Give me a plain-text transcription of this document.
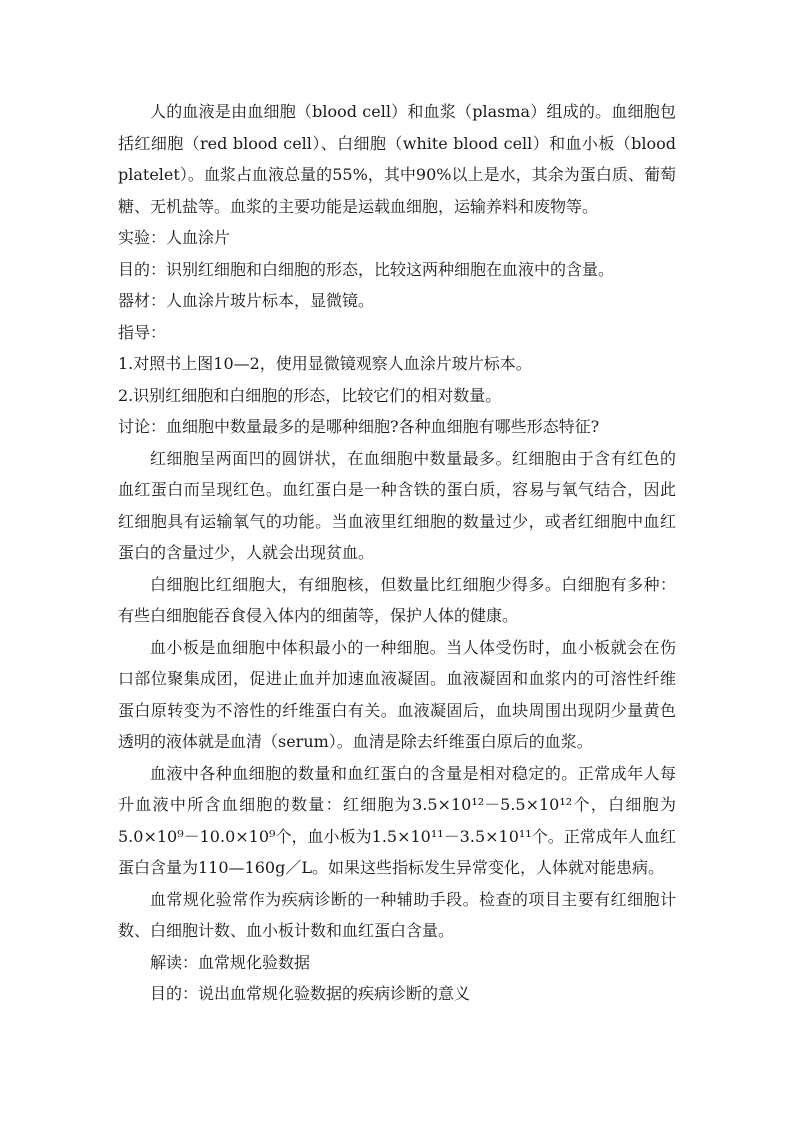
人的血液是由血细胞（blood cell）和血浆（plasma）组成的。血细胞包括红细胞（red blood cell）、白细胞（white blood cell）和血小板（blood platelet）。血浆占血液总量的55%，其中90%以上是水，其余为蛋白质、葡萄糖、无机盐等。血浆的主要功能是运载血细胞，运输养料和废物等。

实验：人血涂片

目的：识别红细胞和白细胞的形态，比较这两种细胞在血液中的含量。

器材：人血涂片玻片标本，显微镜。

指导：

1.对照书上图10—2，使用显微镜观察人血涂片玻片标本。

2.识别红细胞和白细胞的形态，比较它们的相对数量。

讨论：血细胞中数量最多的是哪种细胞?各种血细胞有哪些形态特征?

红细胞呈两面凹的圆饼状，在血细胞中数量最多。红细胞由于含有红色的血红蛋白而呈现红色。血红蛋白是一种含铁的蛋白质，容易与氧气结合，因此红细胞具有运输氧气的功能。当血液里红细胞的数量过少，或者红细胞中血红蛋白的含量过少，人就会出现贫血。

白细胞比红细胞大，有细胞核，但数量比红细胞少得多。白细胞有多种：有些白细胞能吞食侵入体内的细菌等，保护人体的健康。

血小板是血细胞中体积最小的一种细胞。当人体受伤时，血小板就会在伤口部位聚集成团，促进止血并加速血液凝固。血液凝固和血浆内的可溶性纤维蛋白原转变为不溶性的纤维蛋白有关。血液凝固后，血块周围出现阴少量黄色透明的液体就是血清（serum）。血清是除去纤维蛋白原后的血浆。

血液中各种血细胞的数量和血红蛋白的含量是相对稳定的。正常成年人每升血液中所含血细胞的数量：红细胞为3.5×10¹²－5.5×10¹²个，白细胞为5.0×10⁹－10.0×10⁹个，血小板为1.5×10¹¹－3.5×10¹¹个。正常成年人血红蛋白含量为110—160g／L。如果这些指标发生异常变化，人体就对能患病。

血常规化验常作为疾病诊断的一种辅助手段。检查的项目主要有红细胞计数、白细胞计数、血小板计数和血红蛋白含量。

解读：血常规化验数据

目的：说出血常规化验数据的疾病诊断的意义
